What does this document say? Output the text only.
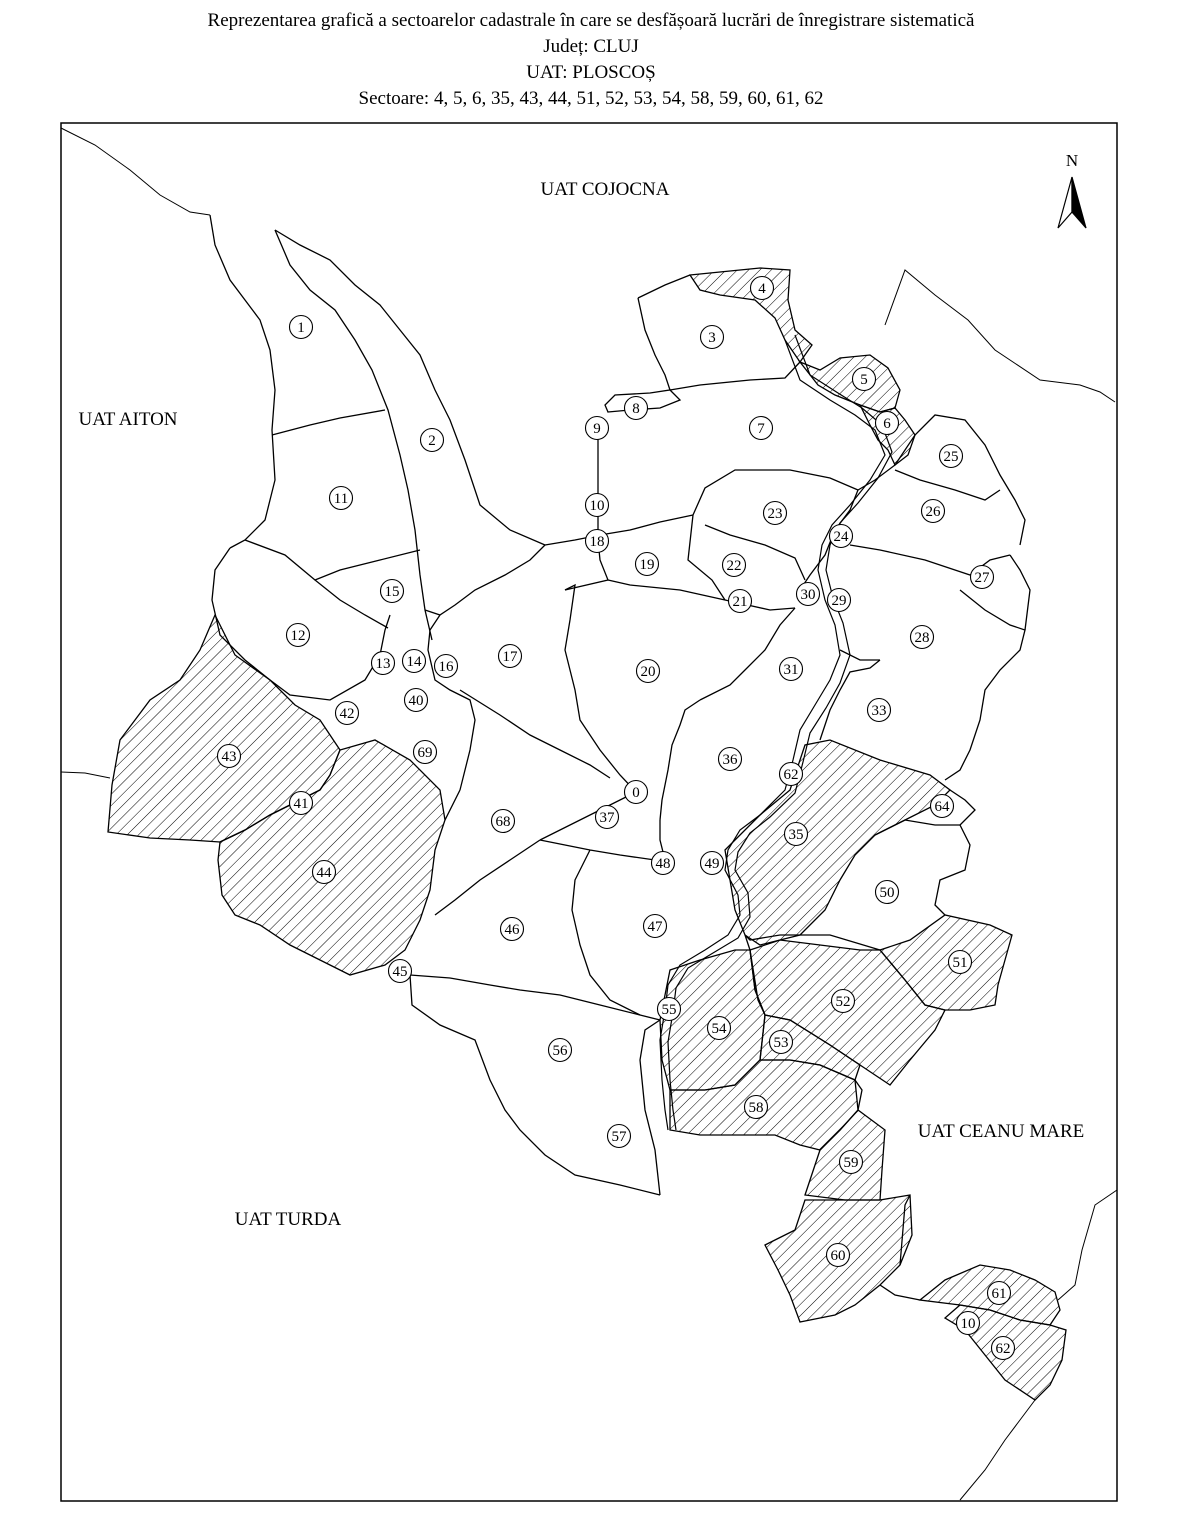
Reprezentarea grafică a sectoarelor cadastrale în care se desfășoară lucrări de înregistrare sistematică
Județ: CLUJ
UAT: PLOSCOȘ
Sectoare: 4, 5, 6, 35, 43, 44, 51, 52, 53, 54, 58, 59, 60, 61, 62
N
UAT COJOCNA
UAT AITON
UAT CEANU MARE
UAT TURDA
0
1
2
3
4
5
6
7
8
9
10
10
11
12
13 14
15
16
17
18
19
20
21
22
23
24
25
26
27
28
29
30
31
33
35
36
37
40
41
42
43
44
45
46	47
48 49
50
51
52
53
54
55
56
57
58
59
60
61
62
62
64
68
69
